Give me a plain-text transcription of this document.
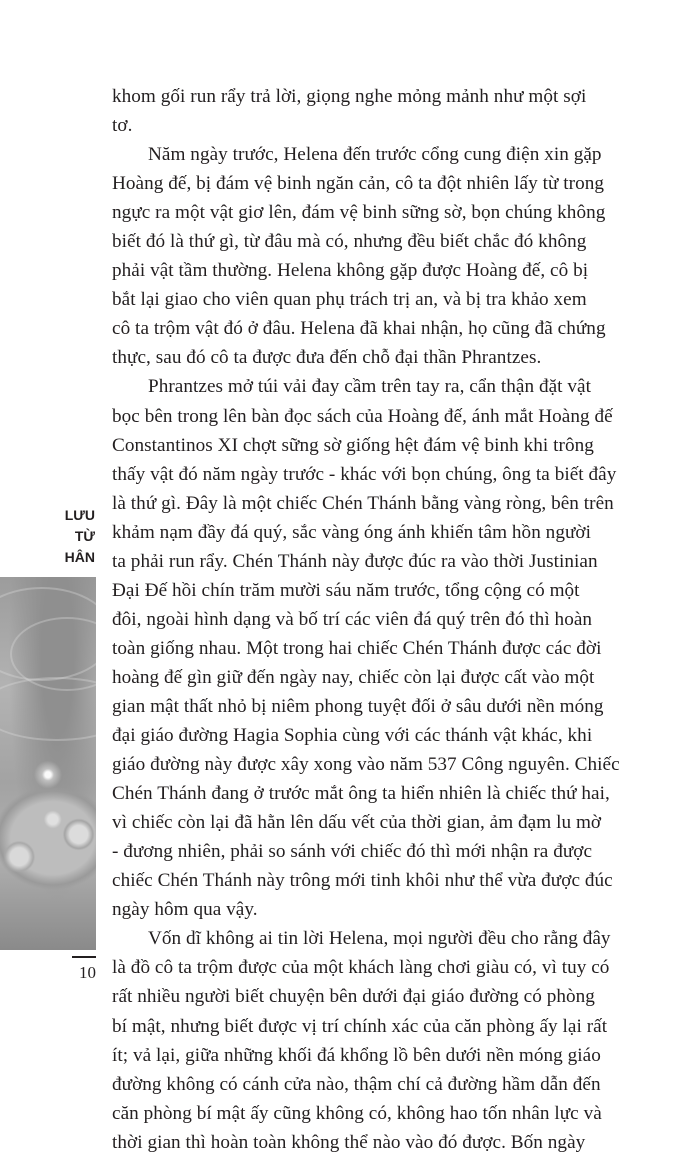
khom gối run rẩy trả lời, giọng nghe mỏng mảnh như một sợi
tơ.
Năm ngày trước, Helena đến trước cổng cung điện xin gặp
Hoàng đế, bị đám vệ binh ngăn cản, cô ta đột nhiên lấy từ trong
ngực ra một vật giơ lên, đám vệ binh sững sờ, bọn chúng không
biết đó là thứ gì, từ đâu mà có, nhưng đều biết chắc đó không
phải vật tầm thường. Helena không gặp được Hoàng đế, cô bị
bắt lại giao cho viên quan phụ trách trị an, và bị tra khảo xem
cô ta trộm vật đó ở đâu. Helena đã khai nhận, họ cũng đã chứng
thực, sau đó cô ta được đưa đến chỗ đại thần Phrantzes.
Phrantzes mở túi vải đay cầm trên tay ra, cẩn thận đặt vật
bọc bên trong lên bàn đọc sách của Hoàng đế, ánh mắt Hoàng đế
Constantinos XI chợt sững sờ giống hệt đám vệ binh khi trông
thấy vật đó năm ngày trước - khác với bọn chúng, ông ta biết đây
là thứ gì. Đây là một chiếc Chén Thánh bằng vàng ròng, bên trên
khảm nạm đầy đá quý, sắc vàng óng ánh khiến tâm hồn người
ta phải run rẩy. Chén Thánh này được đúc ra vào thời Justinian
Đại Đế hồi chín trăm mười sáu năm trước, tổng cộng có một
đôi, ngoài hình dạng và bố trí các viên đá quý trên đó thì hoàn
toàn giống nhau. Một trong hai chiếc Chén Thánh được các đời
hoàng đế gìn giữ đến ngày nay, chiếc còn lại được cất vào một
gian mật thất nhỏ bị niêm phong tuyệt đối ở sâu dưới nền móng
đại giáo đường Hagia Sophia cùng với các thánh vật khác, khi
giáo đường này được xây xong vào năm 537 Công nguyên. Chiếc
Chén Thánh đang ở trước mắt ông ta hiển nhiên là chiếc thứ hai,
vì chiếc còn lại đã hằn lên dấu vết của thời gian, ảm đạm lu mờ
- đương nhiên, phải so sánh với chiếc đó thì mới nhận ra được
chiếc Chén Thánh này trông mới tinh khôi như thể vừa được đúc
ngày hôm qua vậy.
Vốn dĩ không ai tin lời Helena, mọi người đều cho rằng đây
là đồ cô ta trộm được của một khách làng chơi giàu có, vì tuy có
rất nhiều người biết chuyện bên dưới đại giáo đường có phòng
bí mật, nhưng biết được vị trí chính xác của căn phòng ấy lại rất
ít; vả lại, giữa những khối đá khổng lồ bên dưới nền móng giáo
đường không có cánh cửa nào, thậm chí cả đường hầm dẫn đến
căn phòng bí mật ấy cũng không có, không hao tốn nhân lực và
thời gian thì hoàn toàn không thể nào vào đó được. Bốn ngày
LƯU
TỪ
HÂN
10
